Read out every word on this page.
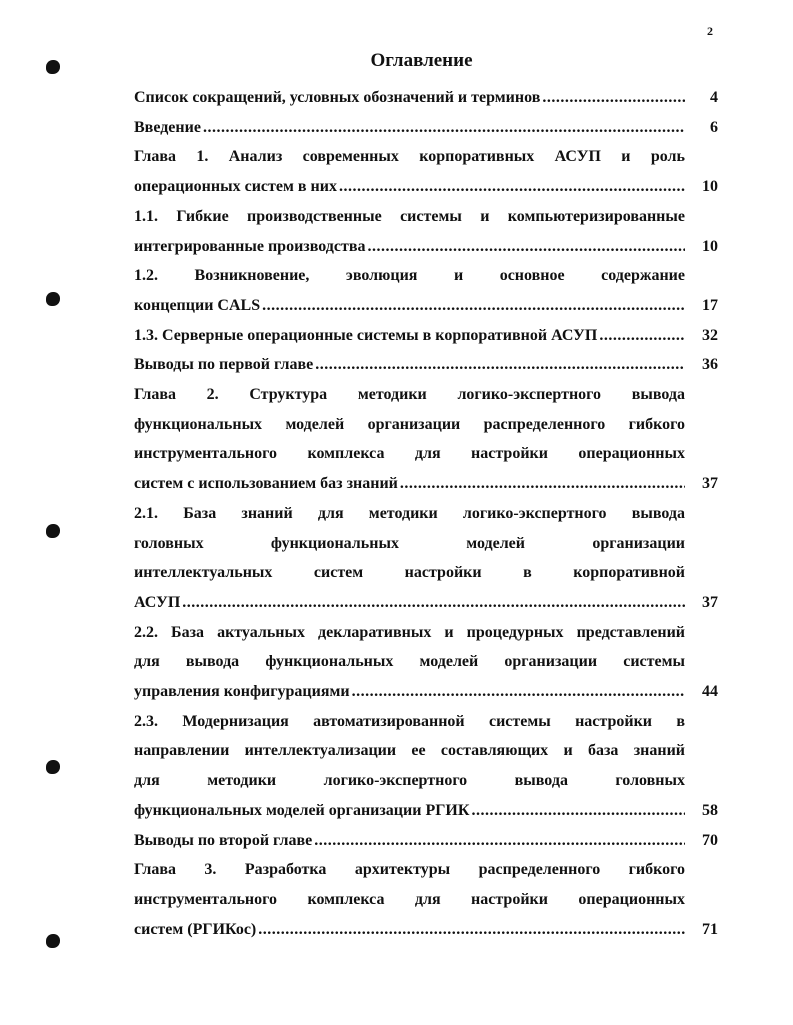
2
Оглавление
Список сокращений, условных обозначений и терминов .....	4
Введение .....	6
Глава 1. Анализ современных корпоративных АСУП и роль
операционных систем в них .....	10
1.1. Гибкие производственные системы и компьютеризированные
интегрированные производства .....	10
1.2. Возникновение, эволюция и основное содержание
концепции CALS .....	17
1.3. Серверные операционные системы в корпоративной АСУП .....	32
Выводы по первой главе .....	36
Глава 2. Структура методики логико-экспертного вывода
функциональных моделей организации распределенного гибкого
инструментального комплекса для настройки операционных
систем с использованием баз знаний .....	37
2.1. База знаний для методики логико-экспертного вывода
головных функциональных моделей организации
интеллектуальных систем настройки в корпоративной
АСУП .....	37
2.2. База актуальных декларативных и процедурных представлений
для вывода функциональных моделей организации системы
управления конфигурациями .....	44
2.3. Модернизация автоматизированной системы настройки в
направлении интеллектуализации ее составляющих и база знаний
для методики логико-экспертного вывода головных
функциональных моделей организации РГИК .....	58
Выводы по второй главе .....	70
Глава 3. Разработка архитектуры распределенного гибкого
инструментального комплекса для настройки операционных
систем (РГИКос) .....	71
